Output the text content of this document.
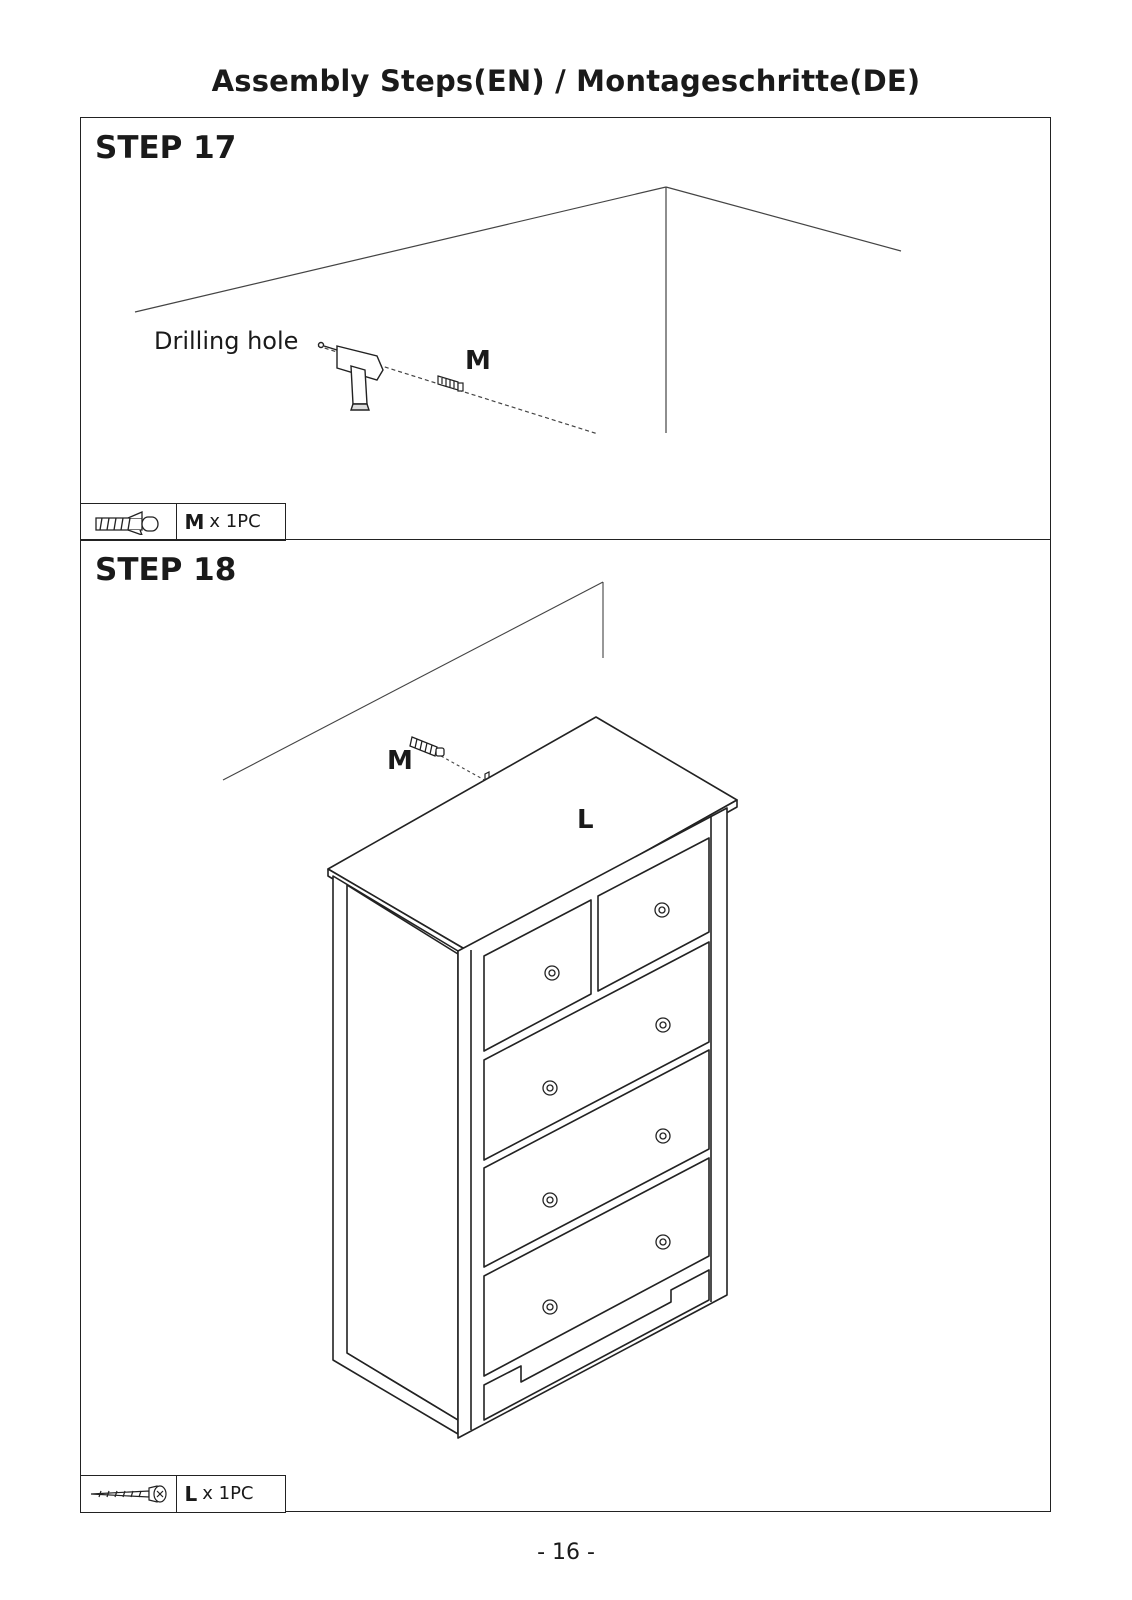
Assembly Steps(EN) / Montageschritte(DE)
STEP 17
Drilling hole
M
M x 1PC
STEP 18
M
L
L x 1PC
- 16 -
